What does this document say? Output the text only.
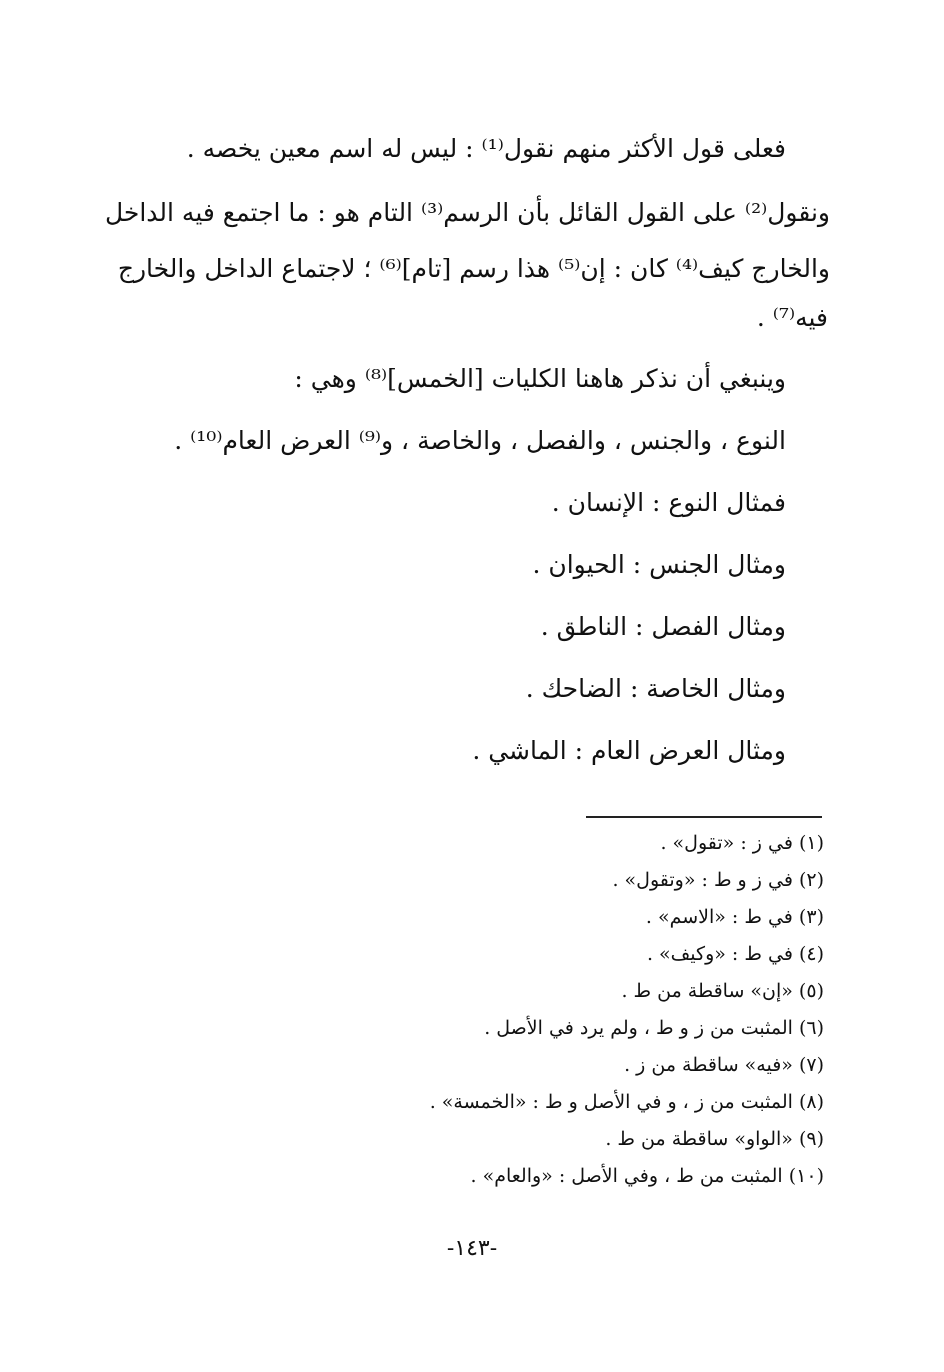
فعلى قول الأكثر منهم نقول⁽¹⁾ : ليس له اسم معين يخصه .
ونقول⁽²⁾ على القول القائل بأن الرسم⁽³⁾ التام هو : ما اجتمع فيه الداخل
والخارج كيف⁽⁴⁾ كان : إن⁽⁵⁾ هذا رسم [تام]⁽⁶⁾ ؛ لاجتماع الداخل والخارج
فيه⁽⁷⁾ .
وينبغي أن نذكر هاهنا الكليات [الخمس]⁽⁸⁾ وهي :
النوع ، والجنس ، والفصل ، والخاصة ، و⁽⁹⁾ العرض العام⁽¹⁰⁾ .
فمثال النوع : الإنسان .
ومثال الجنس : الحيوان .
ومثال الفصل : الناطق .
ومثال الخاصة : الضاحك .
ومثال العرض العام : الماشي .
(١) في ز : «تقول» .
(٢) في ز و ط : «وتقول» .
(٣) في ط : «الاسم» .
(٤) في ط : «وكيف» .
(٥) «إن» ساقطة من ط .
(٦) المثبت من ز و ط ، ولم يرد في الأصل .
(٧) «فيه» ساقطة من ز .
(٨) المثبت من ز ، و في الأصل و ط : «الخمسة» .
(٩) «الواو» ساقطة من ط .
(١٠) المثبت من ط ، وفي الأصل : «والعام» .
-١٤٣-
